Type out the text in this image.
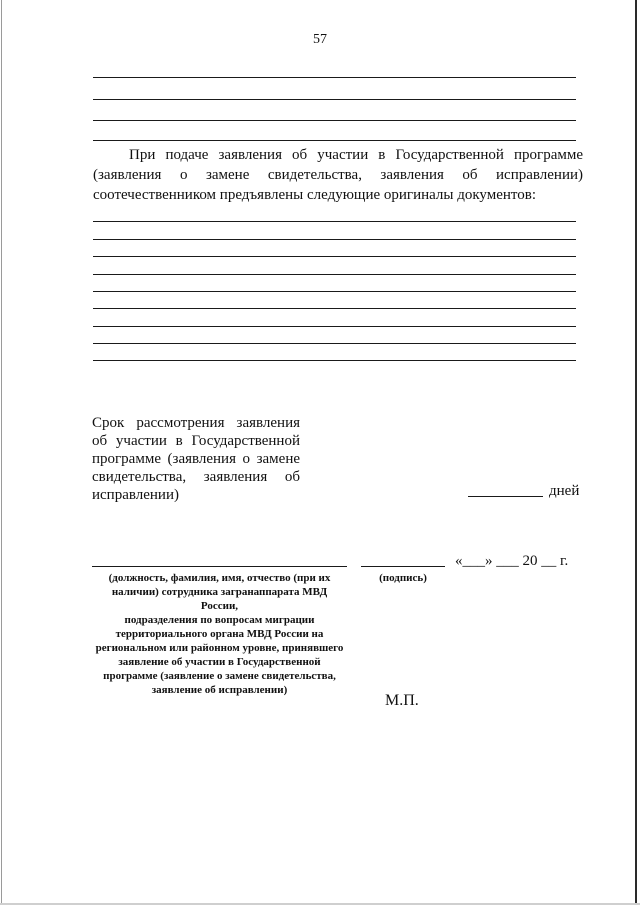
57
При подаче заявления об участии в Государственной программе
(заявления о замене свидетельства, заявления об исправлении)
соотечественником предъявлены следующие оригиналы документов:
Срок рассмотрения заявления
об участии в Государственной
программе (заявления о замене
свидетельства, заявления об
исправлении)	дней
«___» ___ 20 __ г.
(должность, фамилия, имя, отчество (при их
наличии) сотрудника загранаппарата МВД России,
подразделения по вопросам миграции
территориального органа МВД России на
региональном или районном уровне, принявшего
заявление об участии в Государственной
программе (заявление о замене свидетельства,
заявление об исправлении)
(подпись)
М.П.
